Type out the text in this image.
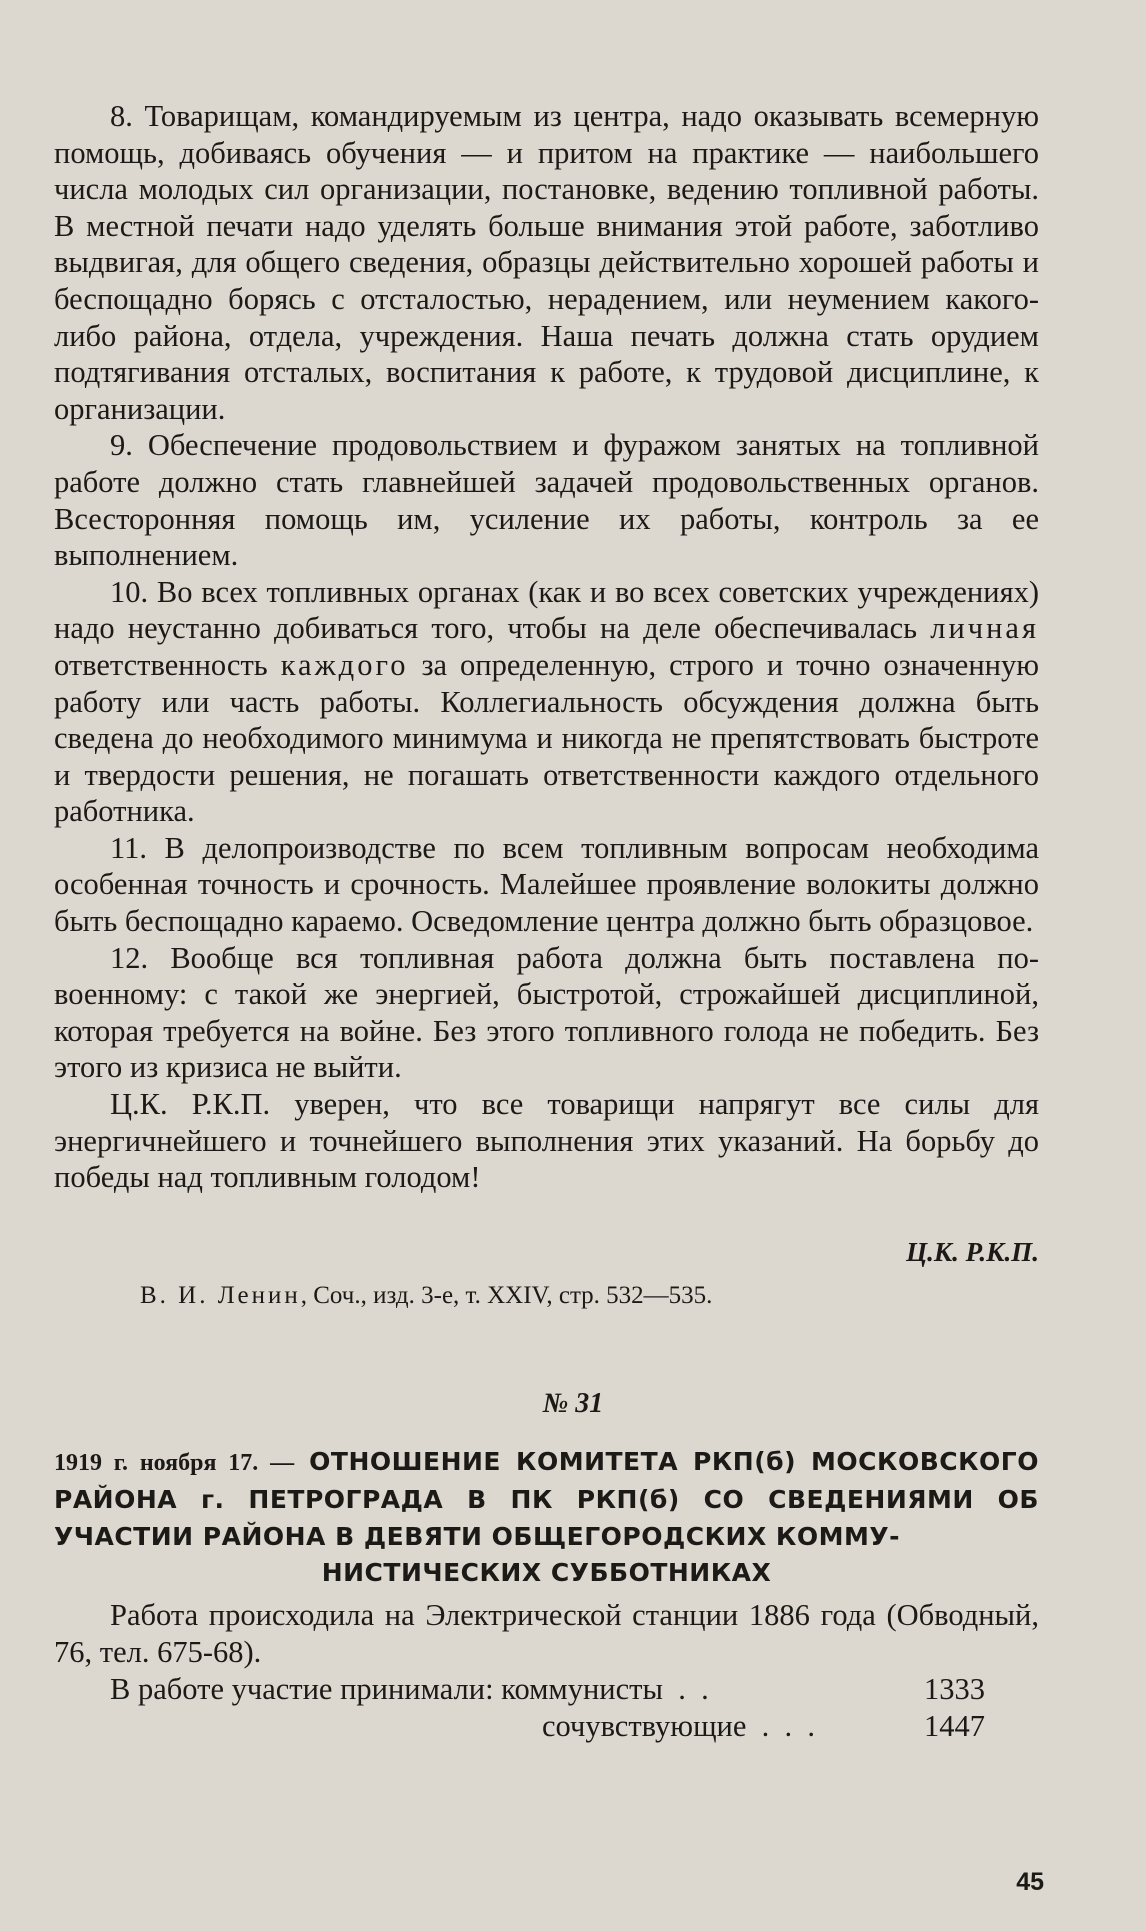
8. Товарищам, командируемым из центра, надо оказывать всемерную помощь, добиваясь обучения — и притом на практике — наибольшего числа молодых сил организации, постановке, ведению топливной работы. В местной печати надо уделять больше внимания этой работе, заботливо выдвигая, для общего сведения, образцы действительно хорошей работы и беспощадно борясь с отсталостью, нерадением, или неумением какого-либо района, отдела, учреждения. Наша печать должна стать орудием подтягивания отсталых, воспитания к работе, к трудовой дисциплине, к организации.

9. Обеспечение продовольствием и фуражом занятых на топливной работе должно стать главнейшей задачей продовольственных органов. Всесторонняя помощь им, усиление их работы, контроль за ее выполнением.

10. Во всех топливных органах (как и во всех советских учреждениях) надо неустанно добиваться того, чтобы на деле обеспечивалась личная ответственность каждого за определенную, строго и точно означенную работу или часть работы. Коллегиальность обсуждения должна быть сведена до необходимого минимума и никогда не препятствовать быстроте и твердости решения, не погашать ответственности каждого отдельного работника.

11. В делопроизводстве по всем топливным вопросам необходима особенная точность и срочность. Малейшее проявление волокиты должно быть беспощадно караемо. Осведомление центра должно быть образцовое.

12. Вообще вся топливная работа должна быть поставлена по-военному: с такой же энергией, быстротой, строжайшей дисциплиной, которая требуется на войне. Без этого топливного голода не победить. Без этого из кризиса не выйти.

Ц.К. Р.К.П. уверен, что все товарищи напрягут все силы для энергичнейшего и точнейшего выполнения этих указаний. На борьбу до победы над топливным голодом!

Ц.К. Р.К.П.
В. И. Ленин, Соч., изд. 3-е, т. XXIV, стр. 532—535.
№ 31
1919 г. ноября 17. — ОТНОШЕНИЕ КОМИТЕТА РКП(б) МОСКОВСКОГО РАЙОНА г. ПЕТРОГРАДА В ПК РКП(б) СО СВЕДЕНИЯМИ ОБ УЧАСТИИ РАЙОНА В ДЕВЯТИ ОБЩЕГОРОДСКИХ КОММУ-
НИСТИЧЕСКИХ СУББОТНИКАХ

Работа происходила на Электрической станции 1886 года (Обводный, 76, тел. 675-68).

В работе участие принимали: коммунисты  .  .	1333
сочувствующие  .  .  .	1447
45
